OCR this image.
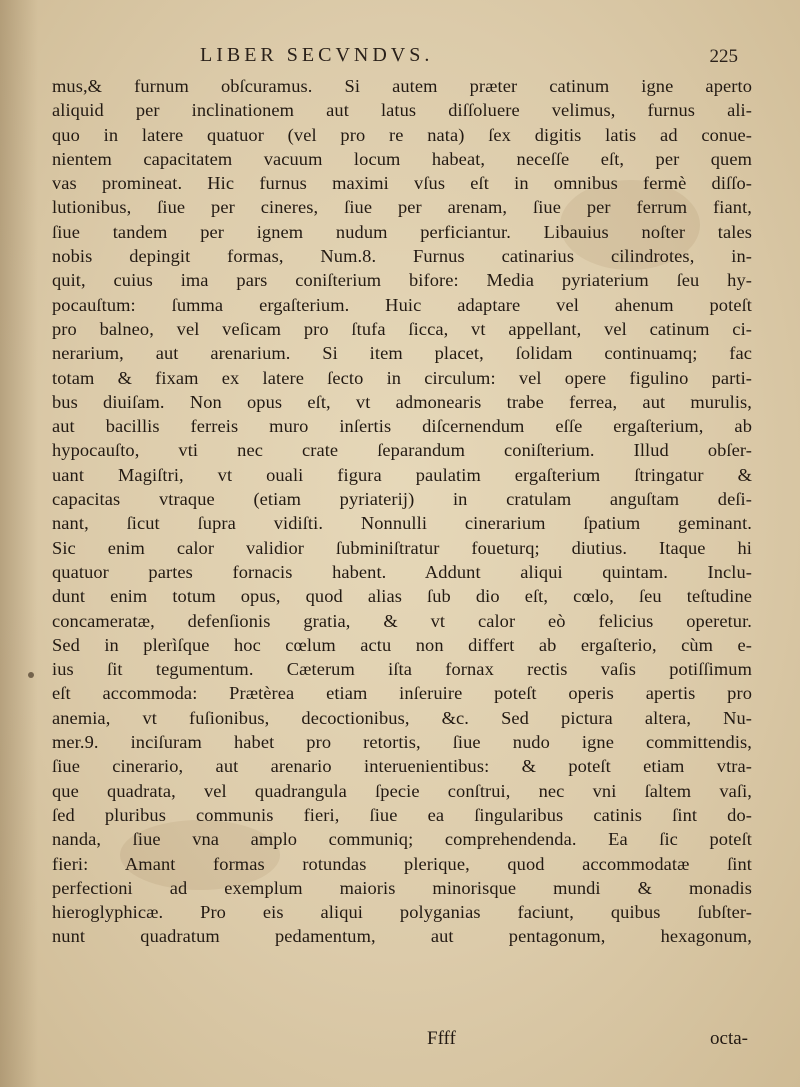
LIBER SECVNDVS.	225
mus,& furnum obſcuramus. Si autem præter catinum igne aperto
aliquid per inclinationem aut latus diſſoluere velimus, furnus ali-
quo in latere quatuor (vel pro re nata) ſex digitis latis ad conue-
nientem capacitatem vacuum locum habeat, neceſſe eſt, per quem
vas promineat. Hic furnus maximi vſus eſt in omnibus fermè diſſo-
lutionibus, ſiue per cineres, ſiue per arenam, ſiue per ferrum fiant,
ſiue tandem per ignem nudum perficiantur. Libauius noſter tales
nobis depingit formas, Num.8. Furnus catinarius cilindrotes, in-
quit, cuius ima pars coniſterium bifore: Media pyriaterium ſeu hy-
pocauſtum: ſumma ergaſterium. Huic adaptare vel ahenum poteſt
pro balneo, vel veſicam pro ſtufa ſicca, vt appellant, vel catinum ci-
nerarium, aut arenarium. Si item placet, ſolidam continuamq; fac
totam & fixam ex latere ſecto in circulum: vel opere figulino parti-
bus diuiſam. Non opus eſt, vt admonearis trabe ferrea, aut murulis,
aut bacillis ferreis muro inſertis diſcernendum eſſe ergaſterium, ab
hypocauſto, vti nec crate ſeparandum coniſterium. Illud obſer-
uant Magiſtri, vt ouali figura paulatim ergaſterium ſtringatur &
capacitas vtraque (etiam pyriaterij) in cratulam anguſtam deſi-
nant, ſicut ſupra vidiſti. Nonnulli cinerarium ſpatium geminant.
Sic enim calor validior ſubminiſtratur foueturq; diutius. Itaque hi
quatuor partes fornacis habent. Addunt aliqui quintam. Inclu-
dunt enim totum opus, quod alias ſub dio eſt, cœlo, ſeu teſtudine
concameratæ, defenſionis gratia, & vt calor eò felicius operetur.
Sed in plerìſque hoc cœlum actu non differt ab ergaſterio, cùm e-
ius ſit tegumentum. Cæterum iſta fornax rectis vaſis potiſſimum
eſt accommoda: Prætèrea etiam inſeruire poteſt operis apertis pro
anemia, vt fuſionibus, decoctionibus, &c. Sed pictura altera, Nu-
mer.9. inciſuram habet pro retortis, ſiue nudo igne committendis,
ſiue cinerario, aut arenario interuenientibus: & poteſt etiam vtra-
que quadrata, vel quadrangula ſpecie conſtrui, nec vni ſaltem vaſi,
ſed pluribus communis fieri, ſiue ea ſingularibus catinis ſint do-
nanda, ſiue vna amplo communiq; comprehendenda. Ea ſic poteſt
fieri: Amant formas rotundas plerique, quod accommodatæ ſint
perfectioni ad exemplum maioris minorisque mundi & monadis
hieroglyphicæ. Pro eis aliqui polyganias faciunt, quibus ſubſter-
nunt quadratum pedamentum, aut pentagonum, hexagonum,
Ffff	octa-
